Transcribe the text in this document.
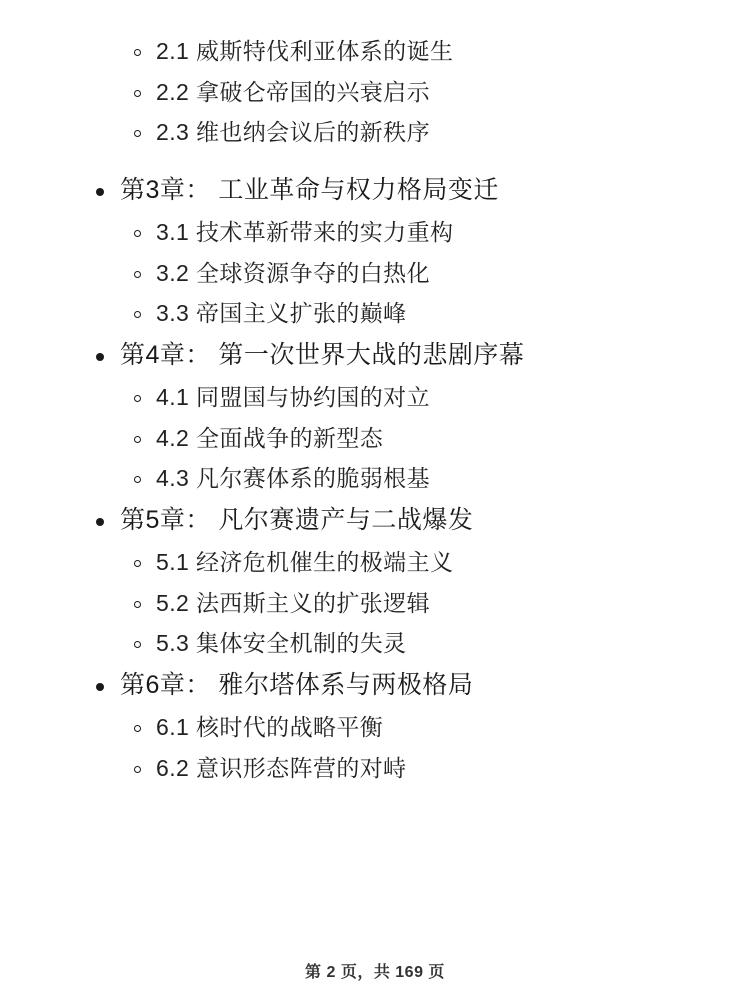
2.1 威斯特伐利亚体系的诞生
2.2 拿破仑帝国的兴衰启示
2.3 维也纳会议后的新秩序
第3章： 工业革命与权力格局变迁
3.1 技术革新带来的实力重构
3.2 全球资源争夺的白热化
3.3 帝国主义扩张的巅峰
第4章： 第一次世界大战的悲剧序幕
4.1 同盟国与协约国的对立
4.2 全面战争的新型态
4.3 凡尔赛体系的脆弱根基
第5章： 凡尔赛遗产与二战爆发
5.1 经济危机催生的极端主义
5.2 法西斯主义的扩张逻辑
5.3 集体安全机制的失灵
第6章： 雅尔塔体系与两极格局
6.1 核时代的战略平衡
6.2 意识形态阵营的对峙
第 2 页，共 169 页
